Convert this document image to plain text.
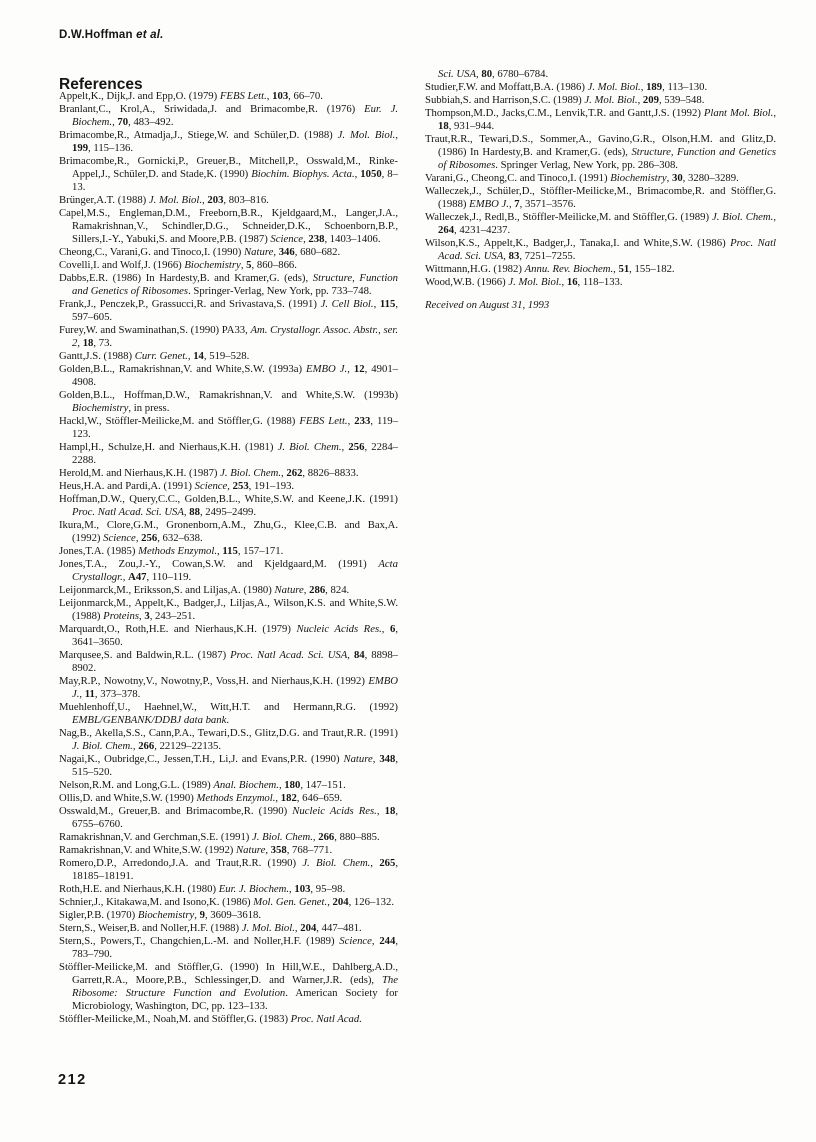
D.W.Hoffman et al.
References

Appelt,K., Dijk,J. and Epp,O. (1979) FEBS Lett., 103, 66–70.

Branlant,C., Krol,A., Sriwidada,J. and Brimacombe,R. (1976) Eur. J. Biochem., 70, 483–492.

Brimacombe,R., Atmadja,J., Stiege,W. and Schüler,D. (1988) J. Mol. Biol., 199, 115–136.

Brimacombe,R., Gornicki,P., Greuer,B., Mitchell,P., Osswald,M., Rinke-Appel,J., Schüler,D. and Stade,K. (1990) Biochim. Biophys. Acta., 1050, 8–13.

Brünger,A.T. (1988) J. Mol. Biol., 203, 803–816.

Capel,M.S., Engleman,D.M., Freeborn,B.R., Kjeldgaard,M., Langer,J.A., Ramakrishnan,V., Schindler,D.G., Schneider,D.K., Schoenborn,B.P., Sillers,I.-Y., Yabuki,S. and Moore,P.B. (1987) Science, 238, 1403–1406.

Cheong,C., Varani,G. and Tinoco,I. (1990) Nature, 346, 680–682.

Covelli,I. and Wolf,J. (1966) Biochemistry, 5, 860–866.

Dabbs,E.R. (1986) In Hardesty,B. and Kramer,G. (eds), Structure, Function and Genetics of Ribosomes. Springer-Verlag, New York, pp. 733–748.

Frank,J., Penczek,P., Grassucci,R. and Srivastava,S. (1991) J. Cell Biol., 115, 597–605.

Furey,W. and Swaminathan,S. (1990) PA33, Am. Crystallogr. Assoc. Abstr., ser. 2, 18, 73.

Gantt,J.S. (1988) Curr. Genet., 14, 519–528.

Golden,B.L., Ramakrishnan,V. and White,S.W. (1993a) EMBO J., 12, 4901–4908.

Golden,B.L., Hoffman,D.W., Ramakrishnan,V. and White,S.W. (1993b) Biochemistry, in press.

Hackl,W., Stöffler-Meilicke,M. and Stöffler,G. (1988) FEBS Lett., 233, 119–123.

Hampl,H., Schulze,H. and Nierhaus,K.H. (1981) J. Biol. Chem., 256, 2284–2288.

Herold,M. and Nierhaus,K.H. (1987) J. Biol. Chem., 262, 8826–8833.

Heus,H.A. and Pardi,A. (1991) Science, 253, 191–193.

Hoffman,D.W., Query,C.C., Golden,B.L., White,S.W. and Keene,J.K. (1991) Proc. Natl Acad. Sci. USA, 88, 2495–2499.

Ikura,M., Clore,G.M., Gronenborn,A.M., Zhu,G., Klee,C.B. and Bax,A. (1992) Science, 256, 632–638.

Jones,T.A. (1985) Methods Enzymol., 115, 157–171.

Jones,T.A., Zou,J.-Y., Cowan,S.W. and Kjeldgaard,M. (1991) Acta Crystallogr., A47, 110–119.

Leijonmarck,M., Eriksson,S. and Liljas,A. (1980) Nature, 286, 824.

Leijonmarck,M., Appelt,K., Badger,J., Liljas,A., Wilson,K.S. and White,S.W. (1988) Proteins, 3, 243–251.

Marquardt,O., Roth,H.E. and Nierhaus,K.H. (1979) Nucleic Acids Res., 6, 3641–3650.

Marqusee,S. and Baldwin,R.L. (1987) Proc. Natl Acad. Sci. USA, 84, 8898–8902.

May,R.P., Nowotny,V., Nowotny,P., Voss,H. and Nierhaus,K.H. (1992) EMBO J., 11, 373–378.

Muehlenhoff,U., Haehnel,W., Witt,H.T. and Hermann,R.G. (1992) EMBL/GENBANK/DDBJ data bank.

Nag,B., Akella,S.S., Cann,P.A., Tewari,D.S., Glitz,D.G. and Traut,R.R. (1991) J. Biol. Chem., 266, 22129–22135.

Nagai,K., Oubridge,C., Jessen,T.H., Li,J. and Evans,P.R. (1990) Nature, 348, 515–520.

Nelson,R.M. and Long,G.L. (1989) Anal. Biochem., 180, 147–151.

Ollis,D. and White,S.W. (1990) Methods Enzymol., 182, 646–659.

Osswald,M., Greuer,B. and Brimacombe,R. (1990) Nucleic Acids Res., 18, 6755–6760.

Ramakrishnan,V. and Gerchman,S.E. (1991) J. Biol. Chem., 266, 880–885.

Ramakrishnan,V. and White,S.W. (1992) Nature, 358, 768–771.

Romero,D.P., Arredondo,J.A. and Traut,R.R. (1990) J. Biol. Chem., 265, 18185–18191.

Roth,H.E. and Nierhaus,K.H. (1980) Eur. J. Biochem., 103, 95–98.

Schnier,J., Kitakawa,M. and Isono,K. (1986) Mol. Gen. Genet., 204, 126–132.

Sigler,P.B. (1970) Biochemistry, 9, 3609–3618.

Stern,S., Weiser,B. and Noller,H.F. (1988) J. Mol. Biol., 204, 447–481.

Stern,S., Powers,T., Changchien,L.-M. and Noller,H.F. (1989) Science, 244, 783–790.

Stöffler-Meilicke,M. and Stöffler,G. (1990) In Hill,W.E., Dahlberg,A.D., Garrett,R.A., Moore,P.B., Schlessinger,D. and Warner,J.R. (eds), The Ribosome: Structure Function and Evolution. American Society for Microbiology, Washington, DC, pp. 123–133.

Stöffler-Meilicke,M., Noah,M. and Stöffler,G. (1983) Proc. Natl Acad.

Sci. USA, 80, 6780–6784.

Studier,F.W. and Moffatt,B.A. (1986) J. Mol. Biol., 189, 113–130.

Subbiah,S. and Harrison,S.C. (1989) J. Mol. Biol., 209, 539–548.

Thompson,M.D., Jacks,C.M., Lenvik,T.R. and Gantt,J.S. (1992) Plant Mol. Biol., 18, 931–944.

Traut,R.R., Tewari,D.S., Sommer,A., Gavino,G.R., Olson,H.M. and Glitz,D. (1986) In Hardesty,B. and Kramer,G. (eds), Structure, Function and Genetics of Ribosomes. Springer Verlag, New York, pp. 286–308.

Varani,G., Cheong,C. and Tinoco,I. (1991) Biochemistry, 30, 3280–3289.

Walleczek,J., Schüler,D., Stöffler-Meilicke,M., Brimacombe,R. and Stöffler,G. (1988) EMBO J., 7, 3571–3576.

Walleczek,J., Redl,B., Stöffler-Meilicke,M. and Stöffler,G. (1989) J. Biol. Chem., 264, 4231–4237.

Wilson,K.S., Appelt,K., Badger,J., Tanaka,I. and White,S.W. (1986) Proc. Natl Acad. Sci. USA, 83, 7251–7255.

Wittmann,H.G. (1982) Annu. Rev. Biochem., 51, 155–182.

Wood,W.B. (1966) J. Mol. Biol., 16, 118–133.

Received on August 31, 1993

212
